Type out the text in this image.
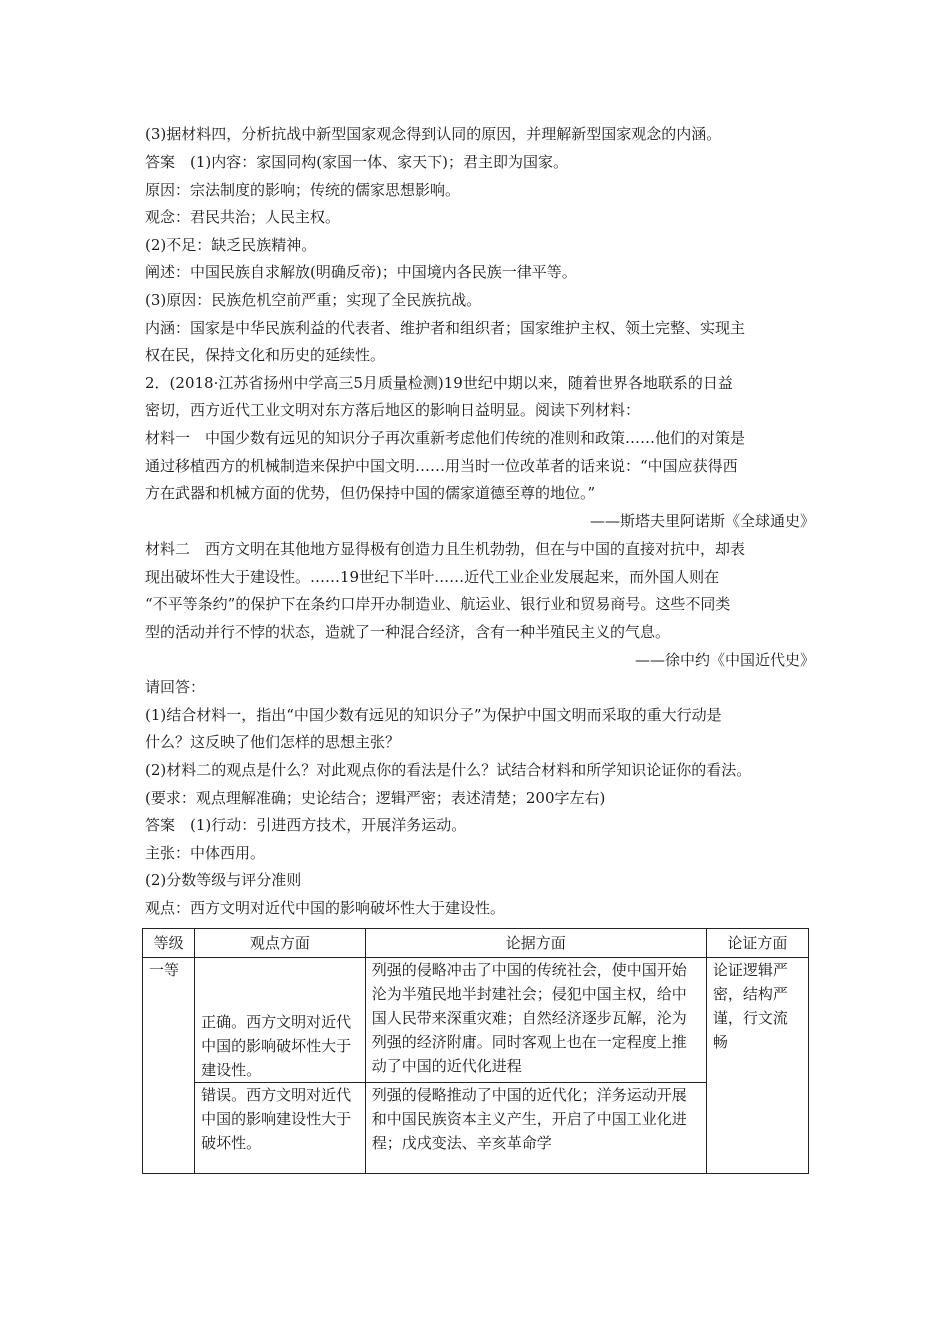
(3)据材料四，分析抗战中新型国家观念得到认同的原因，并理解新型国家观念的内涵。
答案　(1)内容：家国同构(家国一体、家天下)；君主即为国家。
原因：宗法制度的影响；传统的儒家思想影响。
观念：君民共治；人民主权。
(2)不足：缺乏民族精神。
阐述：中国民族自求解放(明确反帝)；中国境内各民族一律平等。
(3)原因：民族危机空前严重；实现了全民族抗战。
内涵：国家是中华民族利益的代表者、维护者和组织者；国家维护主权、领土完整、实现主
权在民，保持文化和历史的延续性。
2．(2018·江苏省扬州中学高三5月质量检测)19世纪中期以来，随着世界各地联系的日益
密切，西方近代工业文明对东方落后地区的影响日益明显。阅读下列材料：
材料一　中国少数有远见的知识分子再次重新考虑他们传统的准则和政策……他们的对策是
通过移植西方的机械制造来保护中国文明……用当时一位改革者的话来说：“中国应获得西
方在武器和机械方面的优势，但仍保持中国的儒家道德至尊的地位。”
——斯塔夫里阿诺斯《全球通史》
材料二　西方文明在其他地方显得极有创造力且生机勃勃，但在与中国的直接对抗中，却表
现出破坏性大于建设性。……19世纪下半叶……近代工业企业发展起来，而外国人则在
“不平等条约”的保护下在条约口岸开办制造业、航运业、银行业和贸易商号。这些不同类
型的活动并行不悖的状态，造就了一种混合经济，含有一种半殖民主义的气息。
——徐中约《中国近代史》
请回答：
(1)结合材料一，指出“中国少数有远见的知识分子”为保护中国文明而采取的重大行动是
什么？这反映了他们怎样的思想主张？
(2)材料二的观点是什么？对此观点你的看法是什么？试结合材料和所学知识论证你的看法。
(要求：观点理解准确；史论结合；逻辑严密；表述清楚；200字左右)
答案　(1)行动：引进西方技术，开展洋务运动。
主张：中体西用。
(2)分数等级与评分准则
观点：西方文明对近代中国的影响破坏性大于建设性。
等级	观点方面	论据方面	论证方面
一等	正确。西方文明对近代中国的影响破坏性大于建设性。	列强的侵略冲击了中国的传统社会，使中国开始沦为半殖民地半封建社会；侵犯中国主权，给中国人民带来深重灾难；自然经济逐步瓦解，沦为列强的经济附庸。同时客观上也在一定程度上推动了中国的近代化进程	论证逻辑严密，结构严谨，行文流畅
	错误。西方文明对近代中国的影响建设性大于破坏性。	列强的侵略推动了中国的近代化；洋务运动开展和中国民族资本主义产生，开启了中国工业化进程；戊戌变法、辛亥革命学	
